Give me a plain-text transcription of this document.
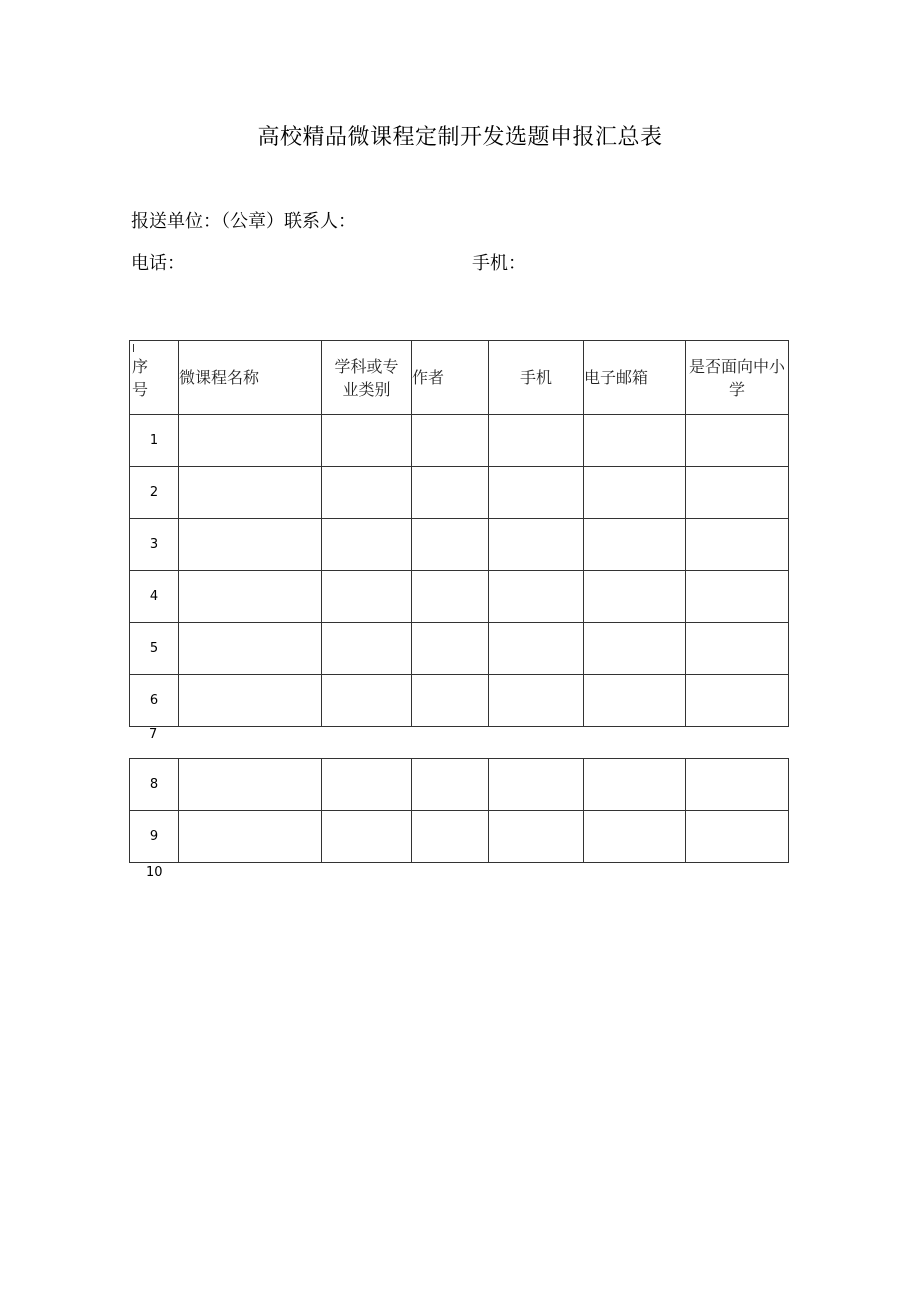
高校精品微课程定制开发选题申报汇总表
报送单位：（公章）联系人：
电话：	手机：
序号	微课程名称	学科或专业类别	作者	手机	电子邮箱	是否面向中小学

1						
2						
3						
4						
5						
6						
7
8						
9						
10
